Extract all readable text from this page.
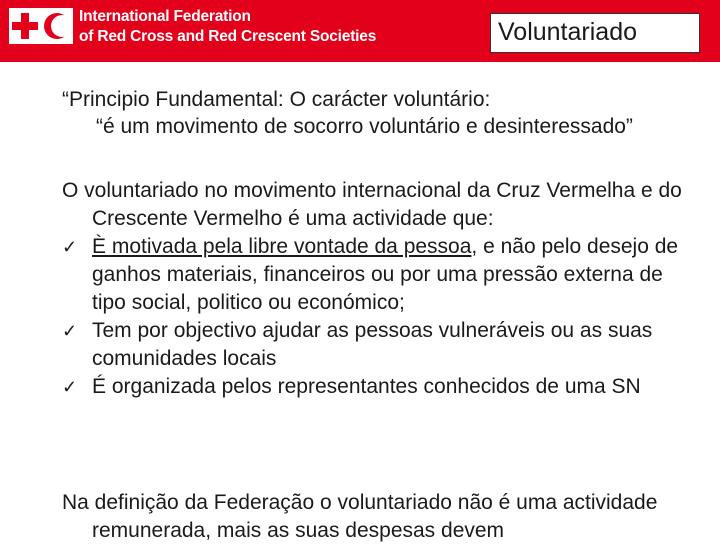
International Federation
of Red Cross and Red Crescent Societies	Voluntariado
“Principio Fundamental: O carácter voluntário:
“é um movimento de socorro voluntário e desinteressado”
O voluntariado no movimento internacional da Cruz Vermelha e do Crescente Vermelho é uma actividade que:
✓ È motivada pela libre vontade da pessoa, e não pelo desejo de ganhos materiais, financeiros ou por uma pressão externa de tipo social, politico ou económico;
✓ Tem por objectivo ajudar as pessoas vulneráveis ou as suas comunidades locais
✓ É organizada pelos representantes conhecidos de uma SN
Na definição da Federação o voluntariado não é uma actividade remunerada, mais as suas despesas devem
